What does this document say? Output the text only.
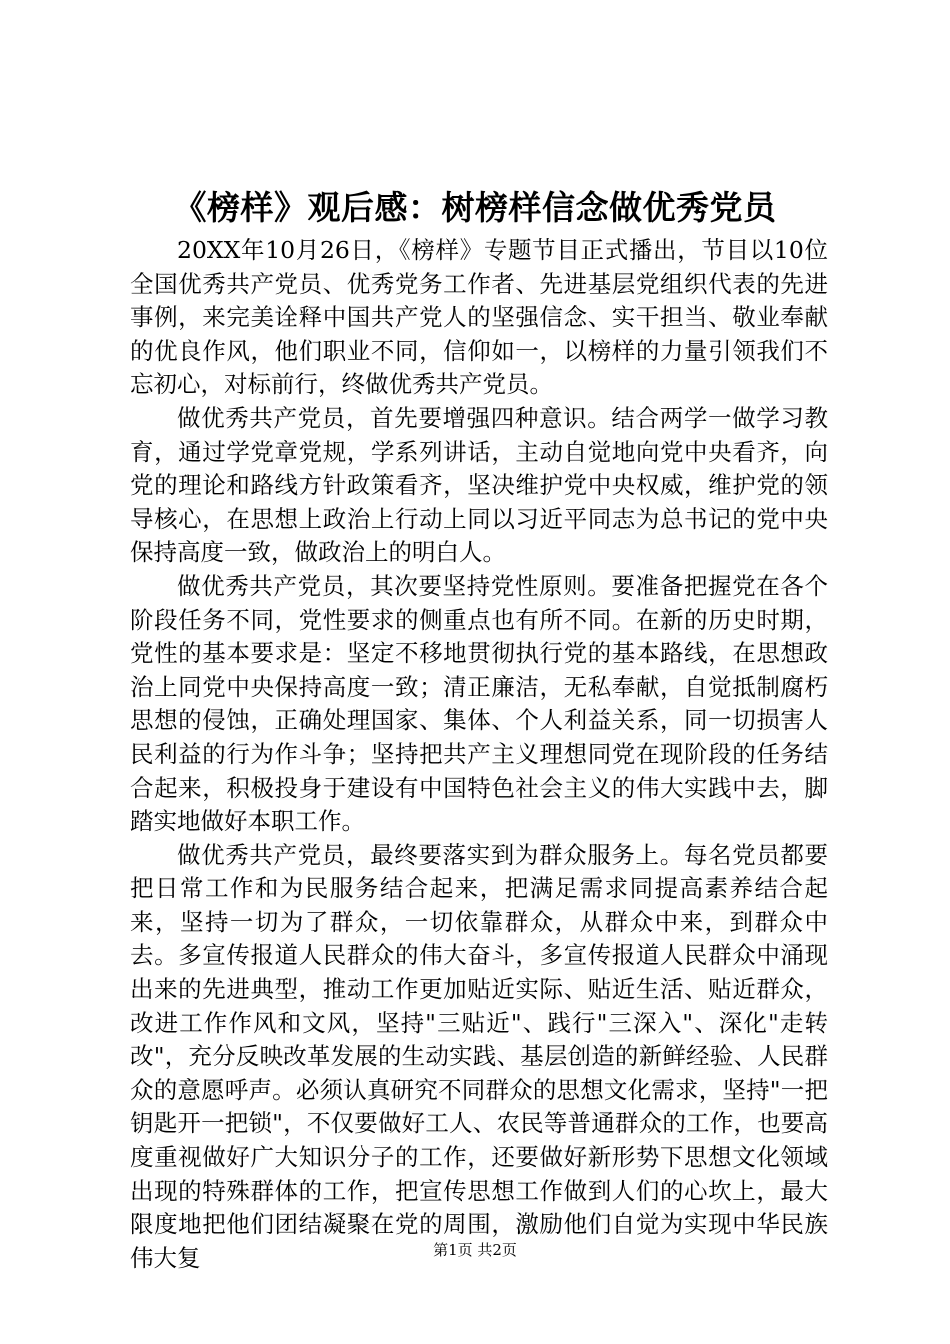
《榜样》观后感：树榜样信念做优秀党员

20XX年10月26日，《榜样》专题节目正式播出，节目以10位全国优秀共产党员、优秀党务工作者、先进基层党组织代表的先进事例，来完美诠释中国共产党人的坚强信念、实干担当、敬业奉献的优良作风，他们职业不同，信仰如一，以榜样的力量引领我们不忘初心，对标前行，终做优秀共产党员。

做优秀共产党员，首先要增强四种意识。结合两学一做学习教育，通过学党章党规，学系列讲话，主动自觉地向党中央看齐，向党的理论和路线方针政策看齐，坚决维护党中央权威，维护党的领导核心，在思想上政治上行动上同以习近平同志为总书记的党中央保持高度一致，做政治上的明白人。

做优秀共产党员，其次要坚持党性原则。要准备把握党在各个阶段任务不同，党性要求的侧重点也有所不同。在新的历史时期，党性的基本要求是：坚定不移地贯彻执行党的基本路线，在思想政治上同党中央保持高度一致；清正廉洁，无私奉献，自觉抵制腐朽思想的侵蚀，正确处理国家、集体、个人利益关系，同一切损害人民利益的行为作斗争；坚持把共产主义理想同党在现阶段的任务结合起来，积极投身于建设有中国特色社会主义的伟大实践中去，脚踏实地做好本职工作。

做优秀共产党员，最终要落实到为群众服务上。每名党员都要把日常工作和为民服务结合起来，把满足需求同提高素养结合起来，坚持一切为了群众，一切依靠群众，从群众中来，到群众中去。多宣传报道人民群众的伟大奋斗，多宣传报道人民群众中涌现出来的先进典型，推动工作更加贴近实际、贴近生活、贴近群众，改进工作作风和文风，坚持"三贴近"、践行"三深入"、深化"走转改"，充分反映改革发展的生动实践、基层创造的新鲜经验、人民群众的意愿呼声。必须认真研究不同群众的思想文化需求，坚持"一把钥匙开一把锁"，不仅要做好工人、农民等普通群众的工作，也要高度重视做好广大知识分子的工作，还要做好新形势下思想文化领域出现的特殊群体的工作，把宣传思想工作做到人们的心坎上，最大限度地把他们团结凝聚在党的周围，激励他们自觉为实现中华民族伟大复	第1页 共2页
